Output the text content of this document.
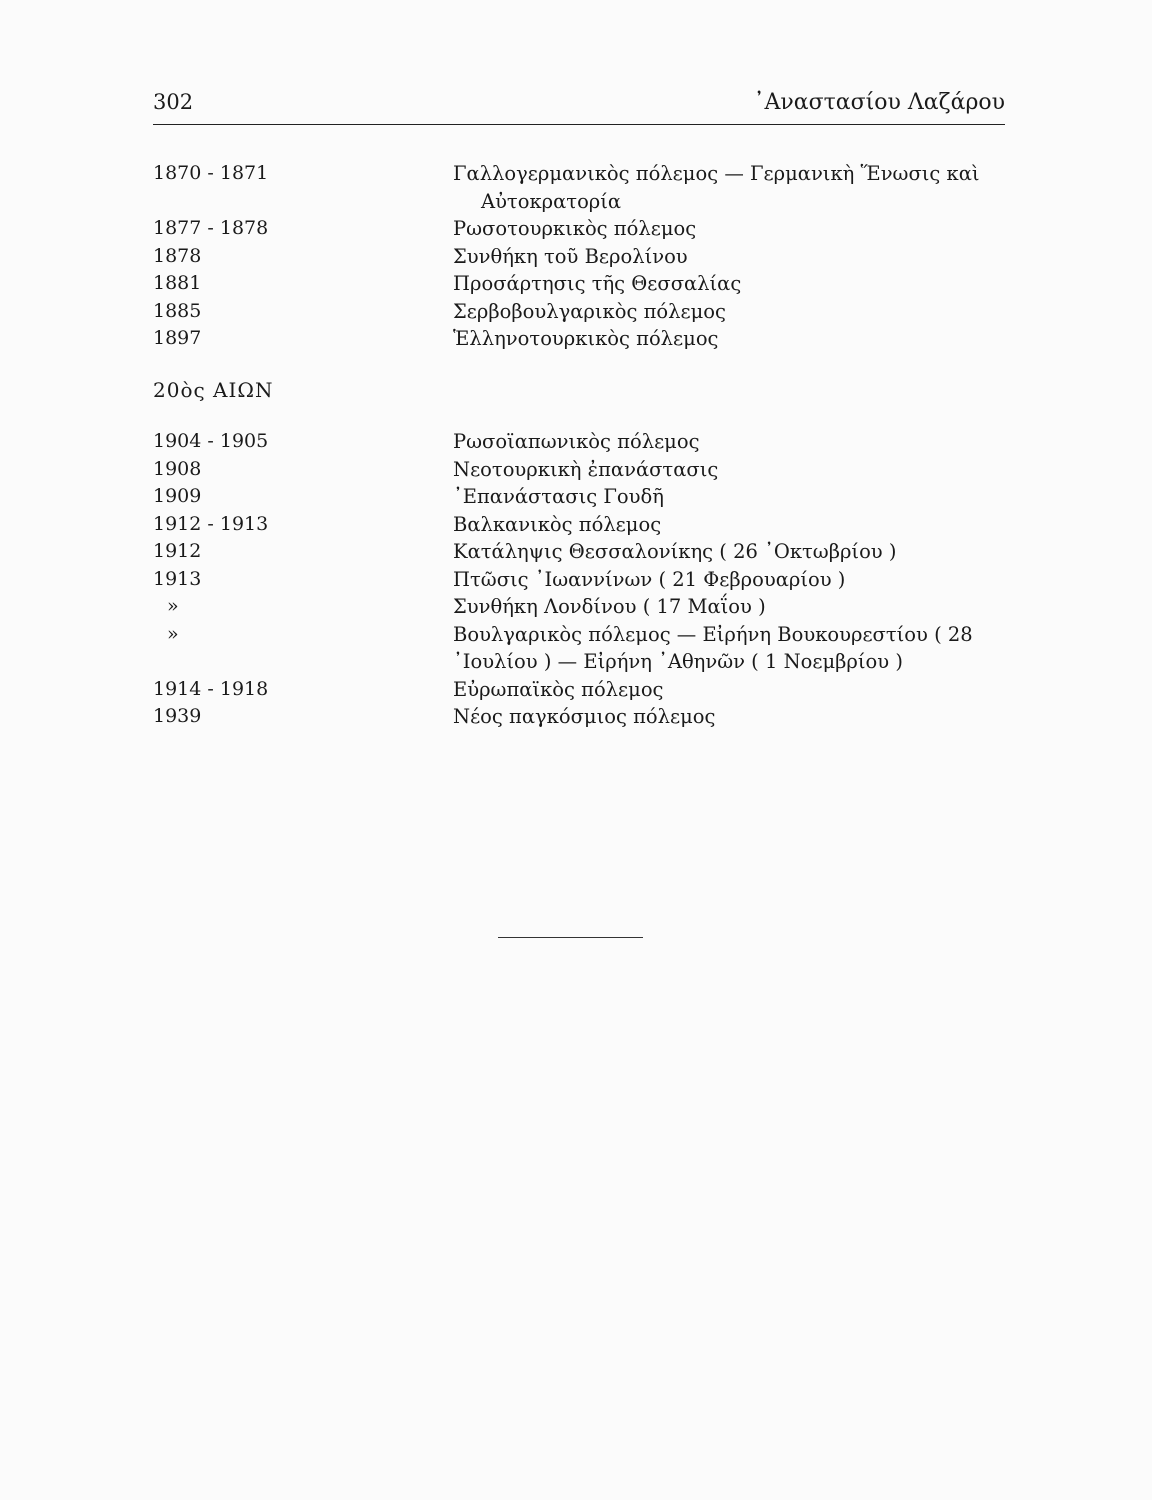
302	᾽Αναστασίου Λαζάρου
1870 - 1871	Γαλλογερμανικὸς πόλεμος — Γερμανικὴ Ἕνωσις καὶ
Αὐτοκρατορία
1877 - 1878	Ρωσοτουρκικὸς πόλεμος
1878	Συνθήκη τοῦ Βερολίνου
1881	Προσάρτησις τῆς Θεσσαλίας
1885	Σερβοβουλγαρικὸς πόλεμος
1897	Ἑλληνοτουρκικὸς πόλεμος
20ὸς ΑΙΩΝ
1904 - 1905	Ρωσοϊαπωνικὸς πόλεμος
1908	Νεοτουρκικὴ ἐπανάστασις
1909	᾽Επανάστασις Γουδῆ
1912 - 1913	Βαλκανικὸς πόλεμος
1912	Κατάληψις Θεσσαλονίκης ( 26 ᾽Οκτωβρίου )
1913	Πτῶσις ᾽Ιωαννίνων ( 21 Φεβρουαρίου )
»	Συνθήκη Λονδίνου ( 17 Μαΐου )
»	Βουλγαρικὸς πόλεμος — Εἰρήνη Βουκουρεστίου ( 28
᾽Ιουλίου ) — Εἰρήνη ᾽Αθηνῶν ( 1 Νοεμβρίου )
1914 - 1918	Εὐρωπαϊκὸς πόλεμος
1939	Νέος παγκόσμιος πόλεμος
